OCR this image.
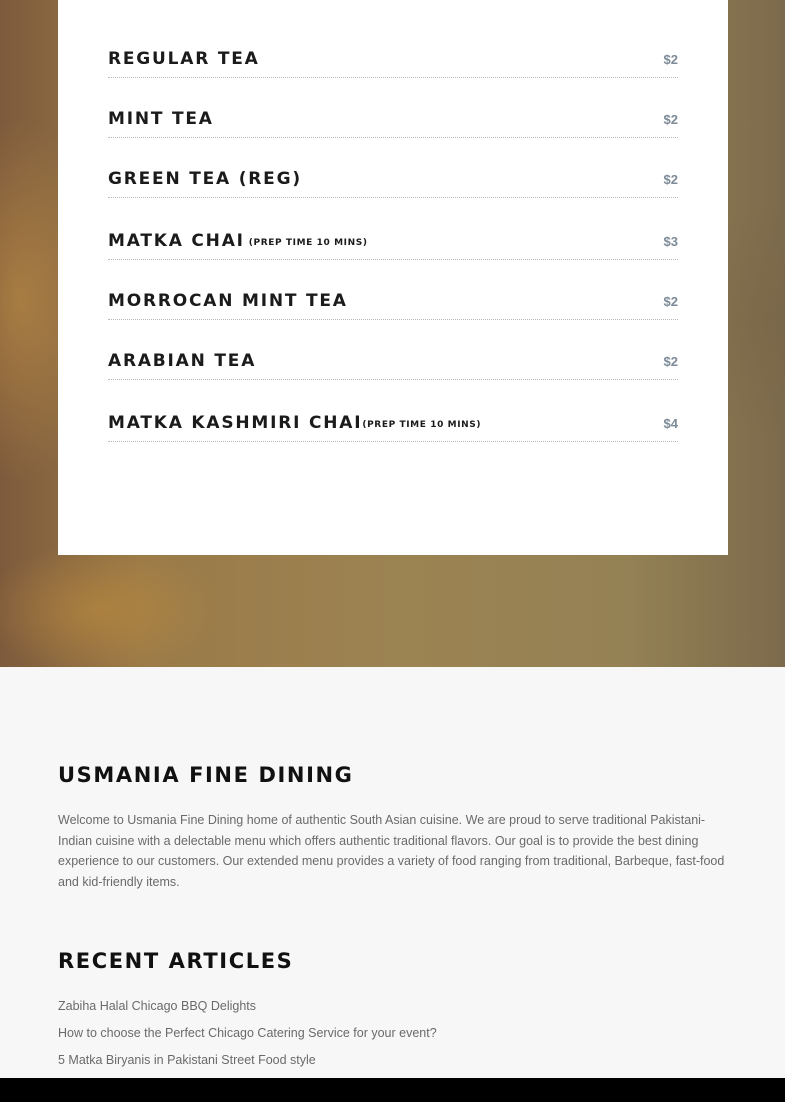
REGULAR TEA	$2
MINT TEA	$2
GREEN TEA (REG)	$2
MATKA CHAI (PREP TIME 10 MINS)	$3
MORROCAN MINT TEA	$2
ARABIAN TEA	$2
MATKA KASHMIRI CHAI(PREP TIME 10 MINS)	$4
USMANIA FINE DINING

Welcome to Usmania Fine Dining home of authentic South Asian cuisine. We are proud to serve traditional Pakistani-Indian cuisine with a delectable menu which offers authentic traditional flavors. Our goal is to provide the best dining experience to our customers. Our extended menu provides a variety of food ranging from traditional, Barbeque, fast-food and kid-friendly items.

RECENT ARTICLES
Zabiha Halal Chicago BBQ Delights
How to choose the Perfect Chicago Catering Service for your event?
5 Matka Biryanis in Pakistani Street Food style
